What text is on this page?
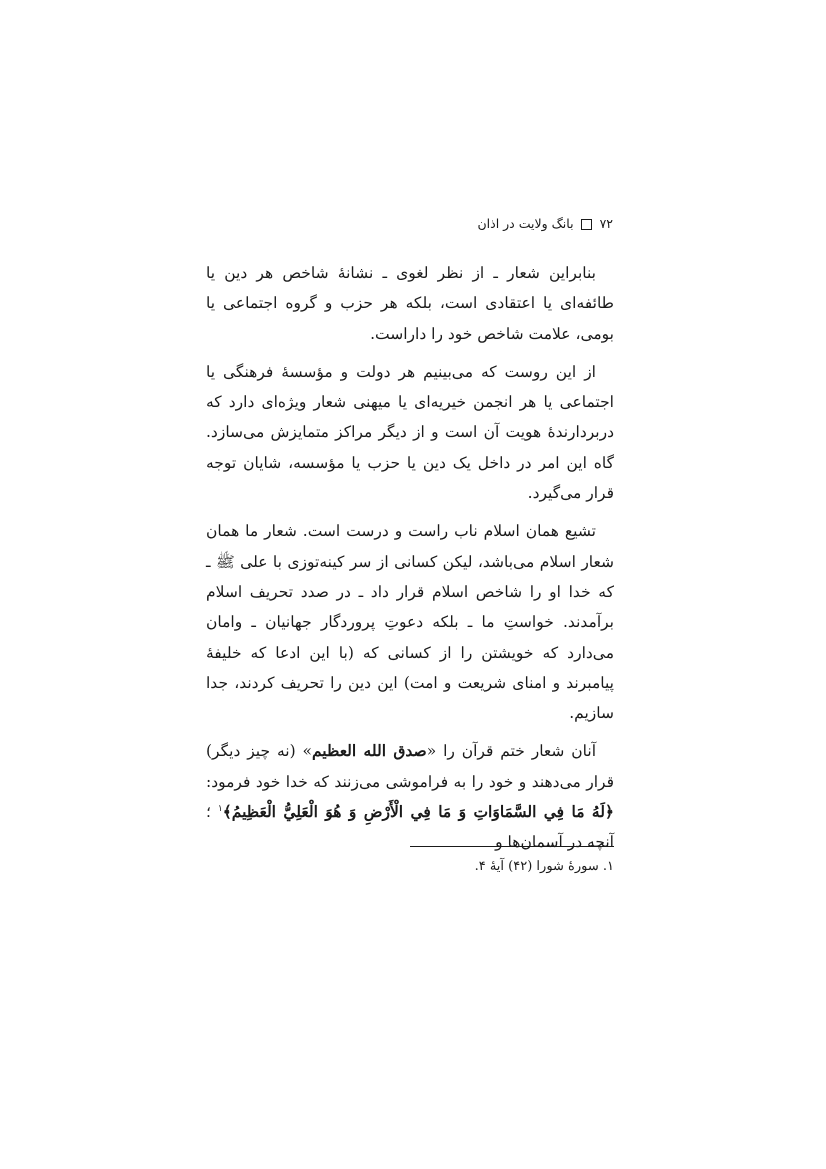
۷۲
بانگ ولایت در اذان

بنابراین شعار ـ از نظر لغوی ـ نشانهٔ شاخص هر دین یا طائفه‌ای یا اعتقادی است، بلکه هر حزب و گروه اجتماعی یا بومی، علامت شاخص خود را داراست.

از این روست که می‌بینیم هر دولت و مؤسسهٔ فرهنگی یا اجتماعی یا هر انجمن خیریه‌ای یا میهنی شعار ویژه‌ای دارد که دربردارندهٔ هویت آن است و از دیگر مراکز متمایزش می‌سازد. گاه این امر در داخل یک دین یا حزب یا مؤسسه، شایان توجه قرار می‌گیرد.

تشیع همان اسلام ناب راست و درست است. شعار ما همان شعار اسلام می‌باشد، لیکن کسانی از سر کینه‌توزی با علی ﷺ ـ که خدا او را شاخص اسلام قرار داد ـ در صدد تحریف اسلام برآمدند. خواستِ ما ـ بلکه دعوتِ پروردگار جهانیان ـ وامان می‌دارد که خویشتن را از کسانی که (با این ادعا که خلیفهٔ پیامبرند و امنای شریعت و امت) این دین را تحریف کردند، جدا سازیم.

آنان شعار ختم قرآن را «صدق الله العظیم» (نه چیز دیگر) قرار می‌دهند و خود را به فراموشی می‌زنند که خدا خود فرمود: ﴿لَهُ مَا فِي السَّمَاوَاتِ وَ مَا فِي الْأَرْضِ وَ هُوَ الْعَلِيُّ الْعَظِيمُ﴾$^۱$ ؛ آنچه در آسمان‌ها و

۱. سورهٔ شورا (۴۲) آیهٔ ۴.
